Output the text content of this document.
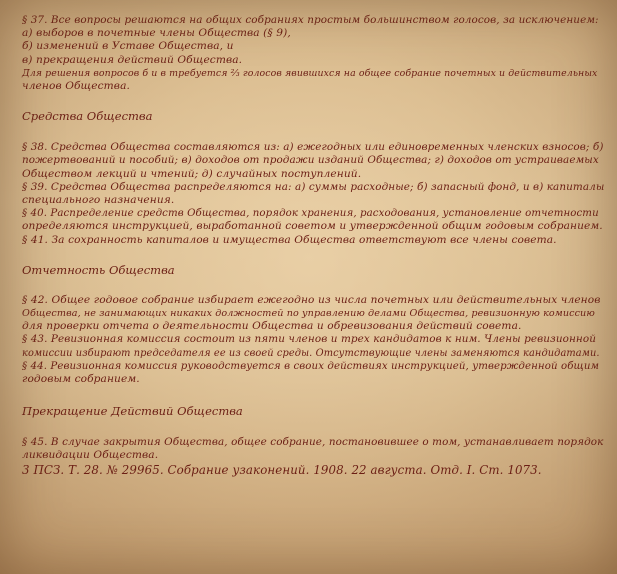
§ 37. Все вопросы решаются на общих собраниях простым большинством голосов, за исключением:
а) выборов в почетные члены Общества (§ 9),
б) изменений в Уставе Общества, и
в) прекращения действий Общества.
Для решения вопросов б и в требуется ⅔ голосов явившихся на общее собрание почетных и действительных
членов Общества.
Средства Общества
§ 38. Средства Общества составляются из: а) ежегодных или единовременных членских взносов; б)
пожертвований и пособий; в) доходов от продажи изданий Общества; г) доходов от устраиваемых
Обществом лекций и чтений; д) случайных поступлений.
§ 39. Средства Общества распределяются на: а) суммы расходные; б) запасный фонд, и в) капиталы
специального назначения.
§ 40. Распределение средств Общества, порядок хранения, расходования, установление отчетности
определяются инструкцией, выработанной советом и утвержденной общим годовым собранием.
§ 41. За сохранность капиталов и имущества Общества ответствуют все члены совета.
Отчетность Общества
§ 42. Общее годовое собрание избирает ежегодно из числа почетных или действительных членов
Общества, не занимающих никаких должностей по управлению делами Общества, ревизионную комиссию
для проверки отчета о деятельности Общества и обревизования действий совета.
§ 43. Ревизионная комиссия состоит из пяти членов и трех кандидатов к ним. Члены ревизионной
комиссии избирают председателя ее из своей среды. Отсутствующие члены заменяются кандидатами.
§ 44. Ревизионная комиссия руководствуется в своих действиях инструкцией, утвержденной общим
годовым собранием.
Прекращение Действий Общества
§ 45. В случае закрытия Общества, общее собрание, постановившее о том, устанавливает порядок
ликвидации Общества.
3 ПСЗ. Т. 28. № 29965. Собрание узаконений. 1908. 22 августа. Отд. I. Ст. 1073.
